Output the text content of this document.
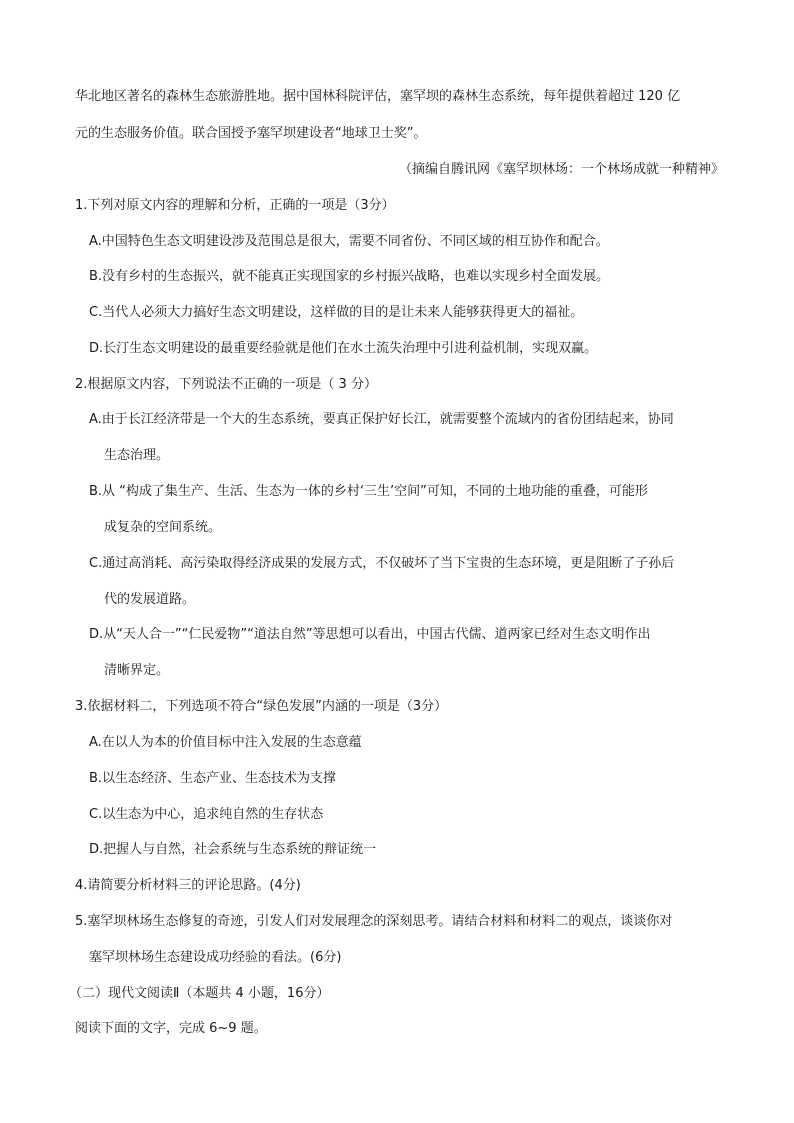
华北地区著名的森林生态旅游胜地。据中国林科院评估，塞罕坝的森林生态系统，每年提供着超过 120 亿
元的生态服务价值。联合国授予塞罕坝建设者“地球卫士奖”。
（摘编自腾讯网《塞罕坝林场：一个林场成就一种精神》
1.下列对原文内容的理解和分析，正确的一项是（3分）
A.中国特色生态文明建设涉及范围总是很大，需要不同省份、不同区域的相互协作和配合。
B.没有乡村的生态振兴，就不能真正实现国家的乡村振兴战略，也难以实现乡村全面发展。
C.当代人必须大力搞好生态文明建设，这样做的目的是让未来人能够获得更大的福祉。
D.长汀生态文明建设的最重要经验就是他们在水土流失治理中引进利益机制，实现双赢。
2.根据原文内容，下列说法不正确的一项是（ 3 分）
A.由于长江经济带是一个大的生态系统，要真正保护好长江，就需要整个流域内的省份团结起来，协同
生态治理。
B.从 “构成了集生产、生活、生态为一体的乡村‘三生’空间”可知，不同的土地功能的重叠，可能形
成复杂的空间系统。
C.通过高消耗、高污染取得经济成果的发展方式，不仅破坏了当下宝贵的生态环境，更是阻断了子孙后
代的发展道路。
D.从“天人合一”“仁民爱物”“道法自然”等思想可以看出，中国古代儒、道两家已经对生态文明作出
清晰界定。
3.依据材料二，下列选项不符合“绿色发展”内涵的一项是（3分）
A.在以人为本的价值目标中注入发展的生态意蕴
B.以生态经济、生态产业、生态技术为支撑
C.以生态为中心，追求纯自然的生存状态
D.把握人与自然，社会系统与生态系统的辩证统一
4.请简要分析材料三的评论思路。(4分)
5.塞罕坝林场生态修复的奇迹，引发人们对发展理念的深刻思考。请结合材料和材料二的观点，谈谈你对
塞罕坝林场生态建设成功经验的看法。(6分)
（二）现代文阅读Ⅱ（本题共 4 小题，16分）
阅读下面的文字，完成 6~9 题。
